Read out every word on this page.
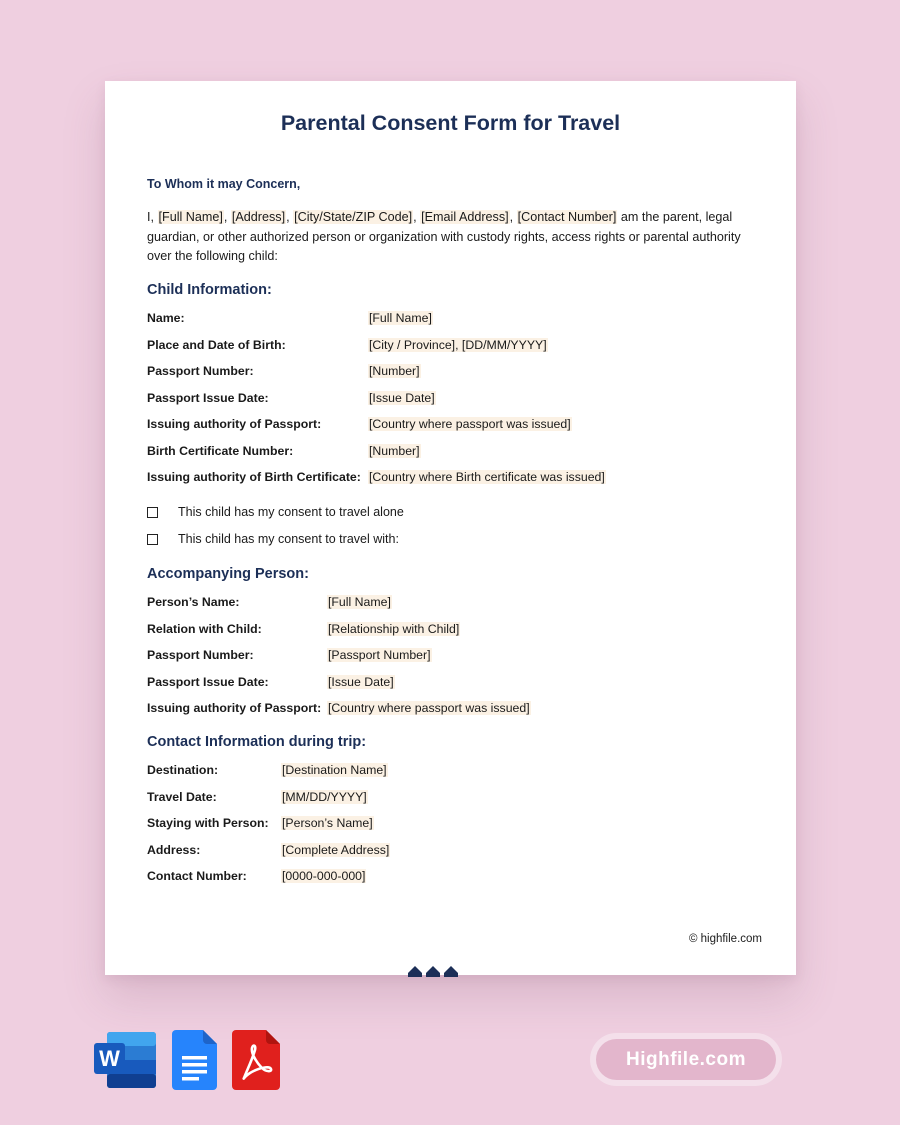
Parental Consent Form for Travel
To Whom it may Concern,
I, [Full Name], [Address], [City/State/ZIP Code], [Email Address], [Contact Number] am the parent, legal guardian, or other authorized person or organization with custody rights, access rights or parental authority over the following child:
Child Information:
Name:	[Full Name]
Place and Date of Birth:	[City / Province], [DD/MM/YYYY]
Passport Number:	[Number]
Passport Issue Date:	[Issue Date]
Issuing authority of Passport:	[Country where passport was issued]
Birth Certificate Number:	[Number]
Issuing authority of Birth Certificate: [Country where Birth certificate was issued]
This child has my consent to travel alone
This child has my consent to travel with:
Accompanying Person:
Person’s Name:	[Full Name]
Relation with Child:	[Relationship with Child]
Passport Number:	[Passport Number]
Passport Issue Date:	[Issue Date]
Issuing authority of Passport: [Country where passport was issued]
Contact Information during trip:
Destination:	[Destination Name]
Travel Date:	[MM/DD/YYYY]
Staying with Person: [Person’s Name]
Address:	[Complete Address]
Contact Number:	[0000-000-000]
© highfile.com
W	Highfile.com
